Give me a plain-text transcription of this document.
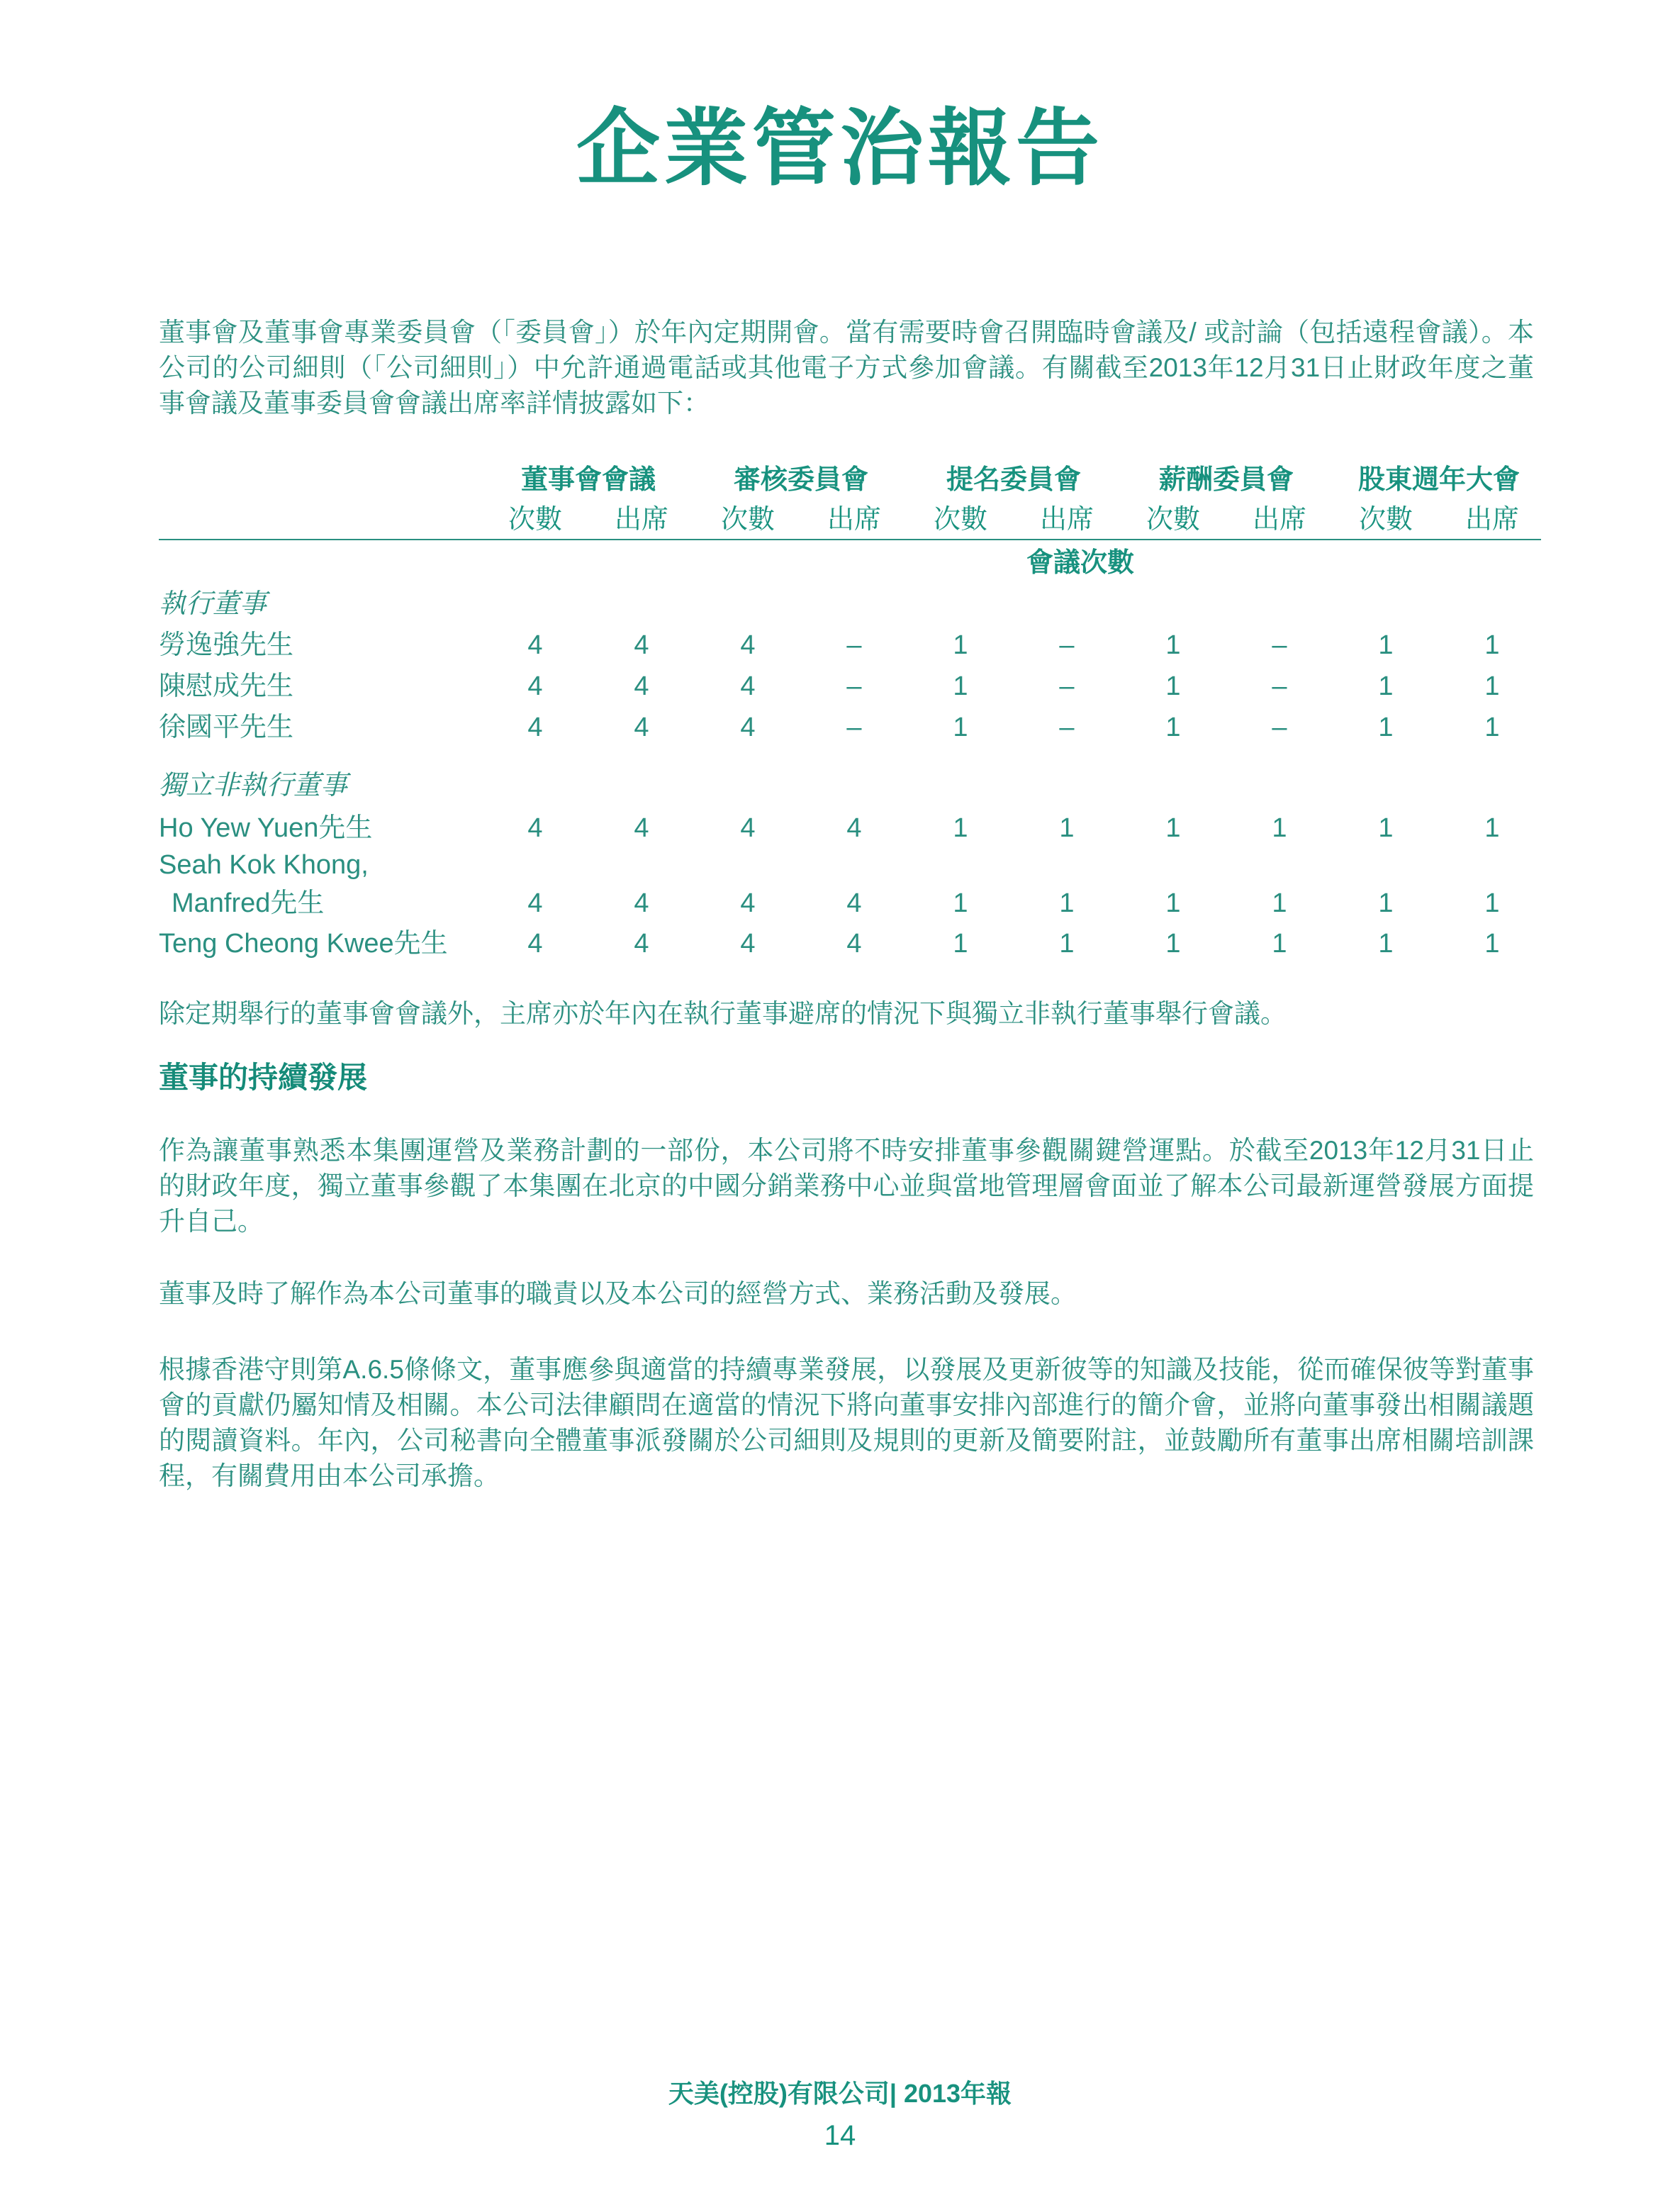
企業管治報告
董事會及董事會專業委員會（「委員會」）於年內定期開會。當有需要時會召開臨時會議及/ 或討論（包括遠程會議）。本公司的公司細則（「公司細則」）中允許通過電話或其他電子方式參加會議。有關截至2013年12月31日止財政年度之董事會議及董事委員會會議出席率詳情披露如下：
董事會會議	審核委員會	提名委員會	薪酬委員會	股東週年大會
次數	出席	次數	出席	次數	出席	次數	出席	次數	出席
會議次數
執行董事
勞逸強先生	4	4	4	–	1	–	1	–	1	1
陳慰成先生	4	4	4	–	1	–	1	–	1	1
徐國平先生	4	4	4	–	1	–	1	–	1	1
獨立非執行董事
Ho Yew Yuen先生	4	4	4	4	1	1	1	1	1	1
Seah Kok Khong,
Manfred先生	4	4	4	4	1	1	1	1	1	1
Teng Cheong Kwee先生	4	4	4	4	1	1	1	1	1	1
除定期舉行的董事會會議外，主席亦於年內在執行董事避席的情況下與獨立非執行董事舉行會議。
董事的持續發展
作為讓董事熟悉本集團運營及業務計劃的一部份，本公司將不時安排董事參觀關鍵營運點。於截至2013年12月31日止的財政年度，獨立董事參觀了本集團在北京的中國分銷業務中心並與當地管理層會面並了解本公司最新運營發展方面提升自己。
董事及時了解作為本公司董事的職責以及本公司的經營方式、業務活動及發展。
根據香港守則第A.6.5條條文，董事應參與適當的持續專業發展，以發展及更新彼等的知識及技能，從而確保彼等對董事會的貢獻仍屬知情及相關。本公司法律顧問在適當的情況下將向董事安排內部進行的簡介會，並將向董事發出相關議題的閱讀資料。年內，公司秘書向全體董事派發關於公司細則及規則的更新及簡要附註，並鼓勵所有董事出席相關培訓課程，有關費用由本公司承擔。
天美(控股)有限公司| 2013年報
14
